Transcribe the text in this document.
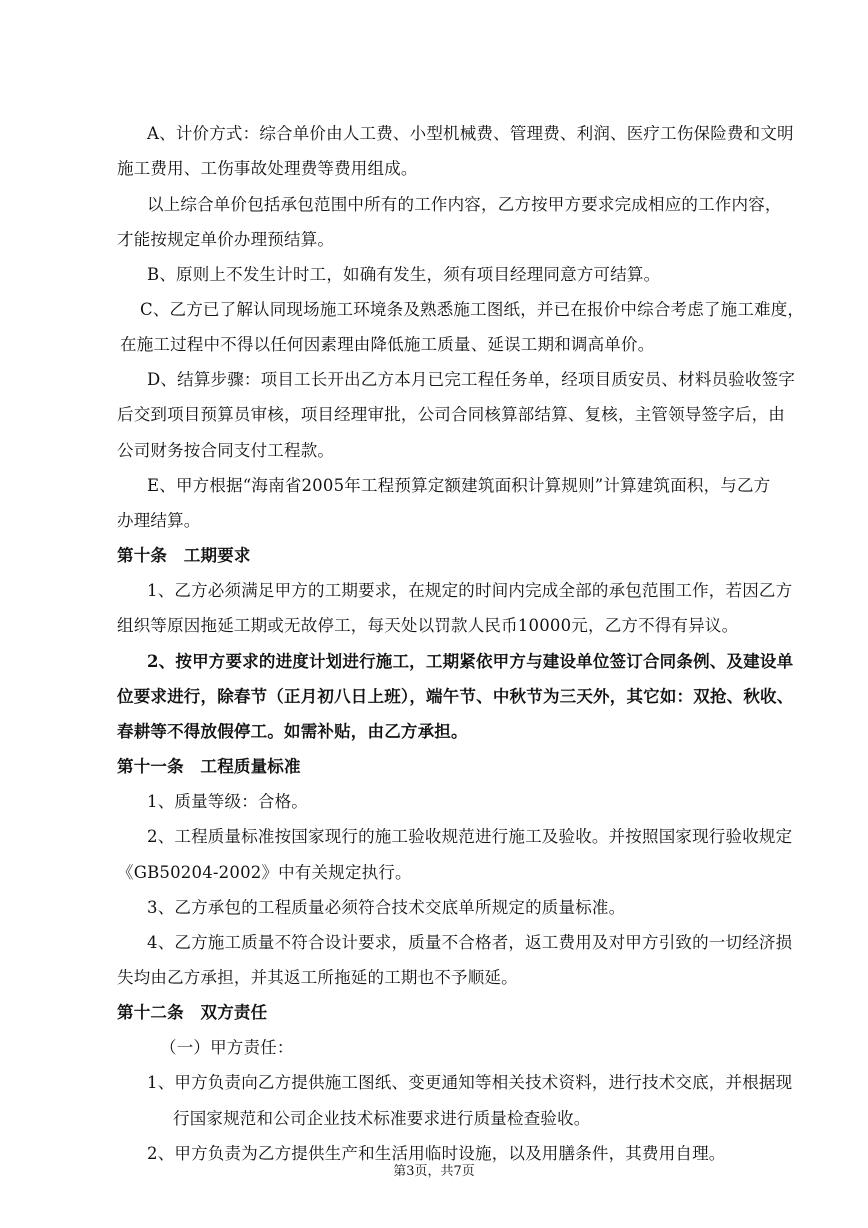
A、计价方式：综合单价由人工费、小型机械费、管理费、利润、医疗工伤保险费和文明
施工费用、工伤事故处理费等费用组成。
以上综合单价包括承包范围中所有的工作内容，乙方按甲方要求完成相应的工作内容，
才能按规定单价办理预结算。
B、原则上不发生计时工，如确有发生，须有项目经理同意方可结算。
C、乙方已了解认同现场施工环境条及熟悉施工图纸，并已在报价中综合考虑了施工难度，
在施工过程中不得以任何因素理由降低施工质量、延误工期和调高单价。
D、结算步骤：项目工长开出乙方本月已完工程任务单，经项目质安员、材料员验收签字
后交到项目预算员审核，项目经理审批，公司合同核算部结算、复核，主管领导签字后，由
公司财务按合同支付工程款。
E、甲方根据“海南省2005年工程预算定额建筑面积计算规则”计算建筑面积，与乙方
办理结算。
第十条　工期要求
1、乙方必须满足甲方的工期要求，在规定的时间内完成全部的承包范围工作，若因乙方
组织等原因拖延工期或无故停工，每天处以罚款人民币10000元，乙方不得有异议。
2、按甲方要求的进度计划进行施工，工期紧依甲方与建设单位签订合同条例、及建设单
位要求进行，除春节（正月初八日上班），端午节、中秋节为三天外，其它如：双抢、秋收、
春耕等不得放假停工。如需补贴，由乙方承担。
第十一条　工程质量标准
1、质量等级：合格。
2、工程质量标准按国家现行的施工验收规范进行施工及验收。并按照国家现行验收规定
《GB50204-2002》中有关规定执行。
3、乙方承包的工程质量必须符合技术交底单所规定的质量标准。
4、乙方施工质量不符合设计要求，质量不合格者，返工费用及对甲方引致的一切经济损
失均由乙方承担，并其返工所拖延的工期也不予顺延。
第十二条　双方责任
（一）甲方责任：
1、甲方负责向乙方提供施工图纸、变更通知等相关技术资料，进行技术交底，并根据现
行国家规范和公司企业技术标准要求进行质量检查验收。
2、甲方负责为乙方提供生产和生活用临时设施，以及用膳条件，其费用自理。
第3页，共7页
